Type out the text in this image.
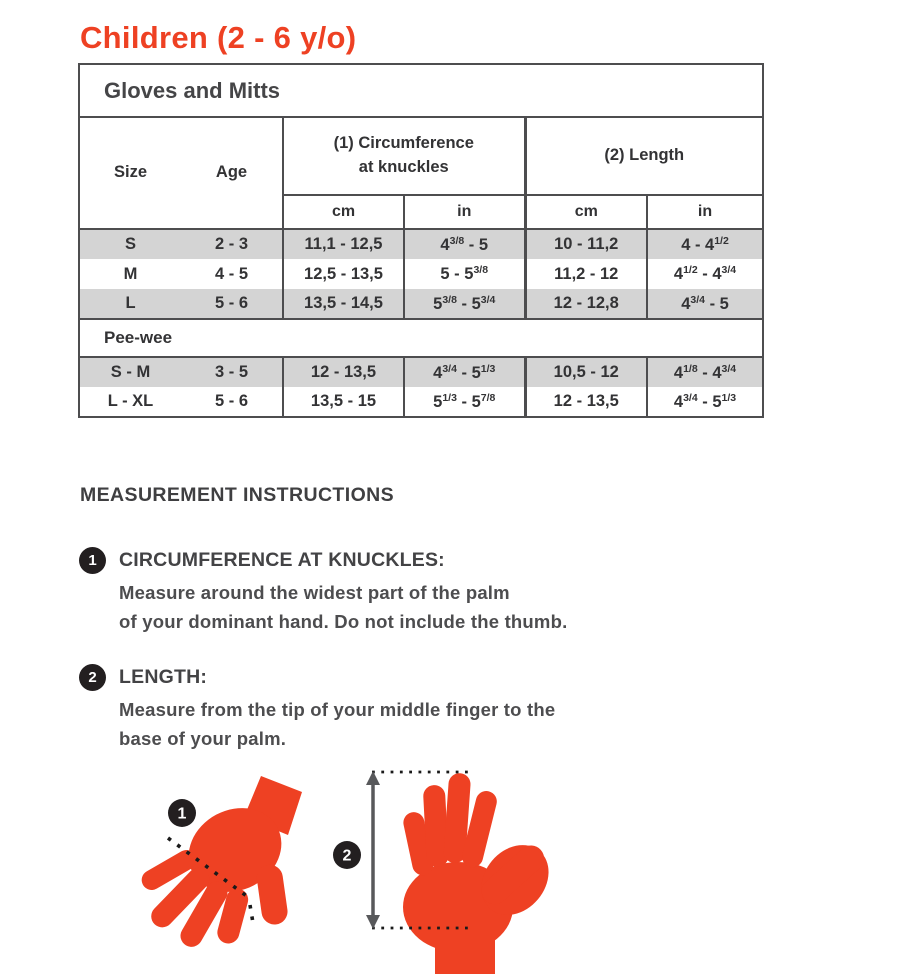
Children (2 - 6 y/o)
Gloves and Mitts					
Size	Age	(1) Circumference
at knuckles		(2) Length	
		cm	in	cm	in
S	2 - 3	11,1 - 12,5	$4^{3/8} - 5$	10 - 11,2	$4 - 4^{1/2}$
M	4 - 5	12,5 - 13,5	$5 - 5^{3/8}$	11,2 - 12	$4^{1/2} - 4^{3/4}$
L	5 - 6	13,5 - 14,5	$5^{3/8} - 5^{3/4}$	12 - 12,8	$4^{3/4} - 5$
Pee-wee					
S - M	3 - 5	12 - 13,5	$4^{3/4} - 5^{1/3}$	10,5 - 12	$4^{1/8} - 4^{3/4}$
L - XL	5 - 6	13,5 - 15	$5^{1/3} - 5^{7/8}$	12 - 13,5	$4^{3/4} - 5^{1/3}$
MEASUREMENT INSTRUCTIONS
1	CIRCUMFERENCE AT KNUCKLES:
Measure around the widest part of the palm
of your dominant hand. Do not include the thumb.
2	LENGTH:
Measure from the tip of your middle finger to the
base of your palm.
1
2
